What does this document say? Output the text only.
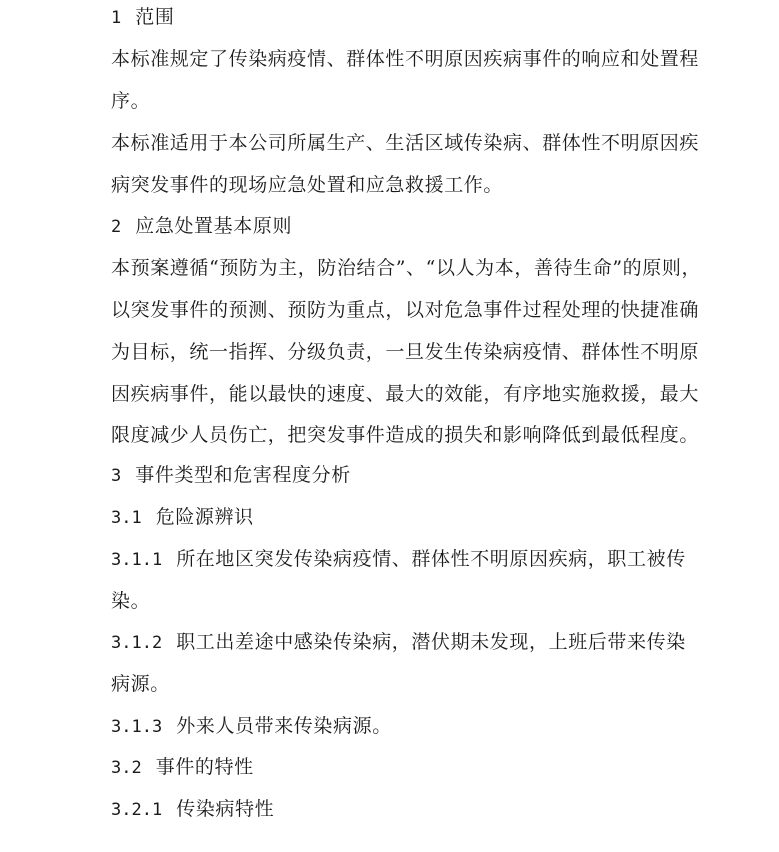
1 范围
本标准规定了传染病疫情、群体性不明原因疾病事件的响应和处置程
序。
本标准适用于本公司所属生产、生活区域传染病、群体性不明原因疾
病突发事件的现场应急处置和应急救援工作。
2 应急处置基本原则
本预案遵循“预防为主，防治结合”、“以人为本，善待生命”的原则，
以突发事件的预测、预防为重点，以对危急事件过程处理的快捷准确
为目标，统一指挥、分级负责，一旦发生传染病疫情、群体性不明原
因疾病事件，能以最快的速度、最大的效能，有序地实施救援，最大
限度减少人员伤亡，把突发事件造成的损失和影响降低到最低程度。
3 事件类型和危害程度分析
3.1 危险源辨识
3.1.1 所在地区突发传染病疫情、群体性不明原因疾病，职工被传
染。
3.1.2 职工出差途中感染传染病，潜伏期未发现，上班后带来传染
病源。
3.1.3 外来人员带来传染病源。
3.2 事件的特性
3.2.1 传染病特性
